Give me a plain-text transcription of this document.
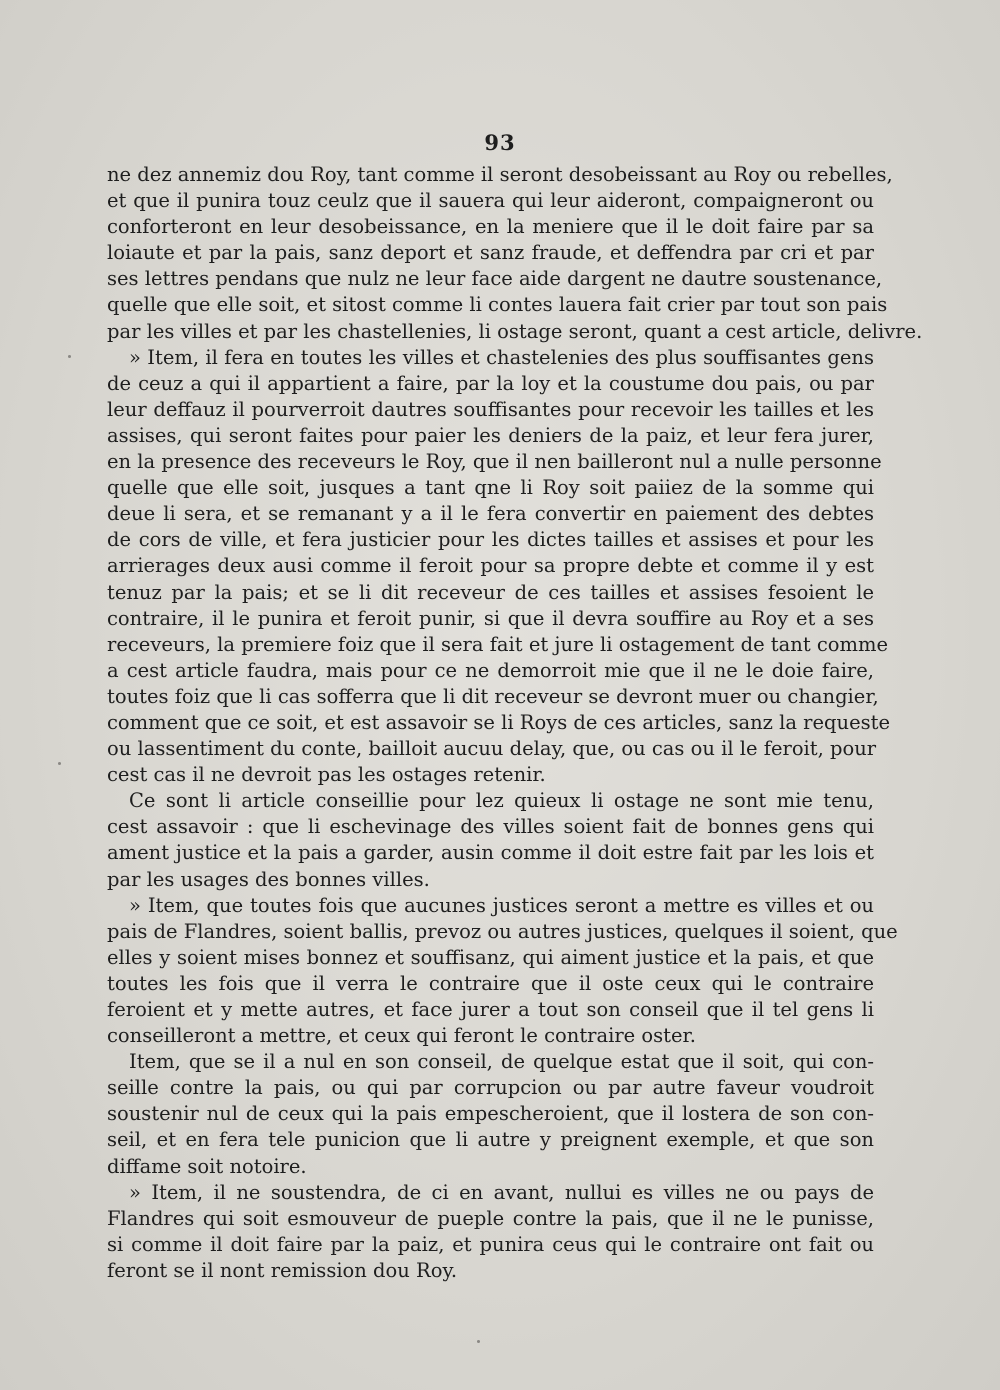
93
ne dez annemiz dou Roy, tant comme il seront desobeissant au Roy ou rebelles,
et que il punira touz ceulz que il sauera qui leur aideront, compaigneront ou
conforteront en leur desobeissance, en la meniere que il le doit faire par sa
loiaute et par la pais, sanz deport et sanz fraude, et deffendra par cri et par
ses lettres pendans que nulz ne leur face aide dargent ne dautre soustenance,
quelle que elle soit, et sitost comme li contes lauera fait crier par tout son pais
par les villes et par les chastellenies, li ostage seront, quant a cest article, delivre.
» Item, il fera en toutes les villes et chastelenies des plus souffisantes gens
de ceuz a qui il appartient a faire, par la loy et la coustume dou pais, ou par
leur deffauz il pourverroit dautres souffisantes pour recevoir les tailles et les
assises, qui seront faites pour paier les deniers de la paiz, et leur fera jurer,
en la presence des receveurs le Roy, que il nen bailleront nul a nulle personne
quelle que elle soit, jusques a tant qne li Roy soit paiiez de la somme qui
deue li sera, et se remanant y a il le fera convertir en paiement des debtes
de cors de ville, et fera justicier pour les dictes tailles et assises et pour les
arrierages deux ausi comme il feroit pour sa propre debte et comme il y est
tenuz par la pais; et se li dit receveur de ces tailles et assises fesoient le
contraire, il le punira et feroit punir, si que il devra souffire au Roy et a ses
receveurs, la premiere foiz que il sera fait et jure li ostagement de tant comme
a cest article faudra, mais pour ce ne demorroit mie que il ne le doie faire,
toutes foiz que li cas sofferra que li dit receveur se devront muer ou changier,
comment que ce soit, et est assavoir se li Roys de ces articles, sanz la requeste
ou lassentiment du conte, bailloit aucuu delay, que, ou cas ou il le feroit, pour
cest cas il ne devroit pas les ostages retenir.
Ce sont li article conseillie pour lez quieux li ostage ne sont mie tenu,
cest assavoir : que li eschevinage des villes soient fait de bonnes gens qui
ament justice et la pais a garder, ausin comme il doit estre fait par les lois et
par les usages des bonnes villes.
» Item, que toutes fois que aucunes justices seront a mettre es villes et ou
pais de Flandres, soient ballis, prevoz ou autres justices, quelques il soient, que
elles y soient mises bonnez et souffisanz, qui aiment justice et la pais, et que
toutes les fois que il verra le contraire que il oste ceux qui le contraire
feroient et y mette autres, et face jurer a tout son conseil que il tel gens li
conseilleront a mettre, et ceux qui feront le contraire oster.
Item, que se il a nul en son conseil, de quelque estat que il soit, qui con-
seille contre la pais, ou qui par corrupcion ou par autre faveur voudroit
soustenir nul de ceux qui la pais empescheroient, que il lostera de son con-
seil, et en fera tele punicion que li autre y preignent exemple, et que son
diffame soit notoire.
» Item, il ne soustendra, de ci en avant, nullui es villes ne ou pays de
Flandres qui soit esmouveur de pueple contre la pais, que il ne le punisse,
si comme il doit faire par la paiz, et punira ceus qui le contraire ont fait ou
feront se il nont remission dou Roy.
